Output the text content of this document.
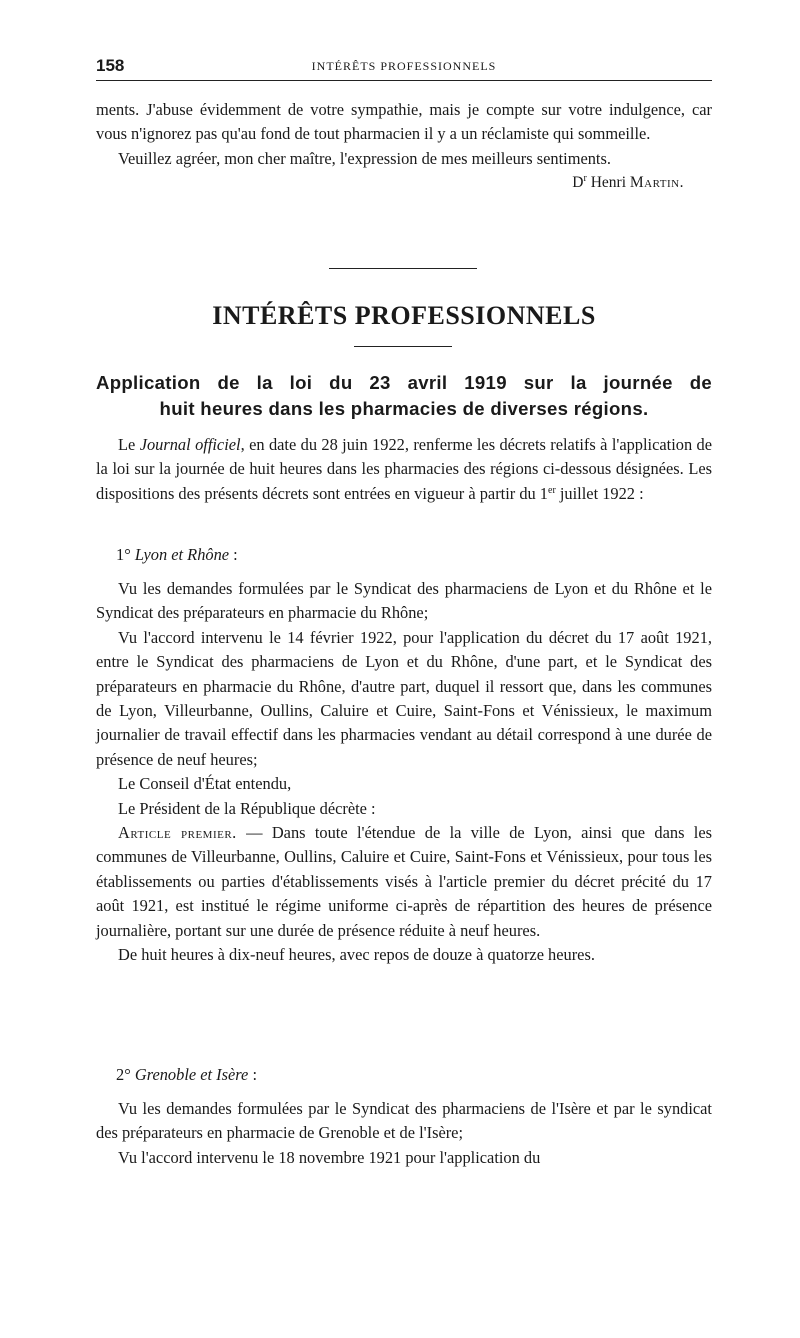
158	INTÉRÊTS PROFESSIONNELS

ments. J'abuse évidemment de votre sympathie, mais je compte sur votre indulgence, car vous n'ignorez pas qu'au fond de tout pharmacien il y a un réclamiste qui sommeille.

Veuillez agréer, mon cher maître, l'expression de mes meilleurs sentiments.

$D^r$ Henri Martin.
INTÉRÊTS PROFESSIONNELS
Application de la loi du 23 avril 1919 sur la journée de
huit heures dans les pharmacies de diverses régions.

Le Journal officiel, en date du 28 juin 1922, renferme les décrets relatifs à l'application de la loi sur la journée de huit heures dans les pharmacies des régions ci-dessous désignées. Les dispositions des présents décrets sont entrées en vigueur à partir du 1er juillet 1922 :

1° Lyon et Rhône :

Vu les demandes formulées par le Syndicat des pharmaciens de Lyon et du Rhône et le Syndicat des préparateurs en pharmacie du Rhône;

Vu l'accord intervenu le 14 février 1922, pour l'application du décret du 17 août 1921, entre le Syndicat des pharmaciens de Lyon et du Rhône, d'une part, et le Syndicat des préparateurs en pharmacie du Rhône, d'autre part, duquel il ressort que, dans les communes de Lyon, Villeurbanne, Oullins, Caluire et Cuire, Saint-Fons et Vénissieux, le maximum journalier de travail effectif dans les pharmacies vendant au détail correspond à une durée de présence de neuf heures;

Le Conseil d'État entendu,

Le Président de la République décrète :

Article premier. — Dans toute l'étendue de la ville de Lyon, ainsi que dans les communes de Villeurbanne, Oullins, Caluire et Cuire, Saint-Fons et Vénissieux, pour tous les établissements ou parties d'établissements visés à l'article premier du décret précité du 17 août 1921, est institué le régime uniforme ci-après de répartition des heures de présence journalière, portant sur une durée de présence réduite à neuf heures.

De huit heures à dix-neuf heures, avec repos de douze à quatorze heures.

2° Grenoble et Isère :

Vu les demandes formulées par le Syndicat des pharmaciens de l'Isère et par le syndicat des préparateurs en pharmacie de Grenoble et de l'Isère;

Vu l'accord intervenu le 18 novembre 1921 pour l'application du
